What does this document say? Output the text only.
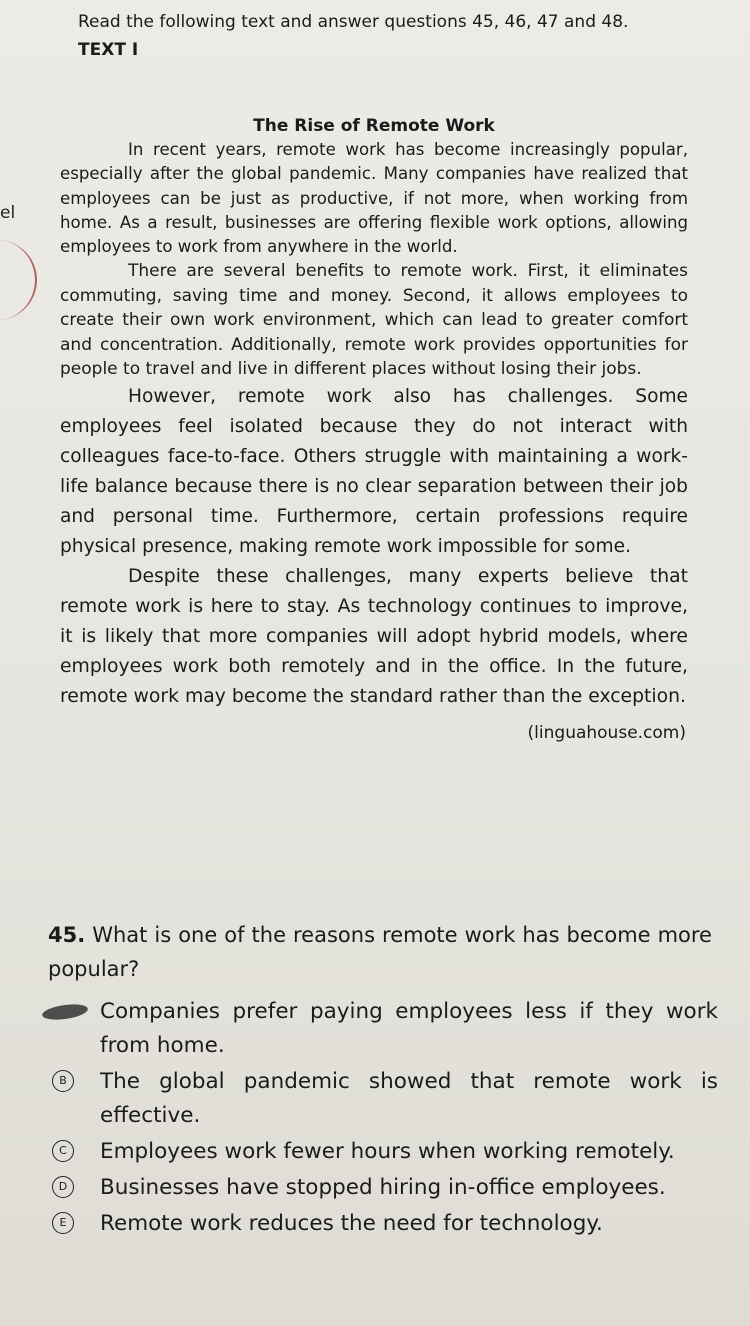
el

Read the following text and answer questions 45, 46, 47 and 48.

TEXT I

The Rise of Remote Work

In recent years, remote work has become increasingly popular, especially after the global pandemic. Many companies have realized that employees can be just as productive, if not more, when working from home. As a result, businesses are offering flexible work options, allowing employees to work from anywhere in the world.

There are several benefits to remote work. First, it eliminates commuting, saving time and money. Second, it allows employees to create their own work environment, which can lead to greater comfort and concentration. Additionally, remote work provides opportunities for people to travel and live in different places without losing their jobs.

However, remote work also has challenges. Some employees feel isolated because they do not interact with colleagues face-to-face. Others struggle with maintaining a work-life balance because there is no clear separation between their job and personal time. Furthermore, certain professions require physical presence, making remote work impossible for some.

Despite these challenges, many experts believe that remote work is here to stay. As technology continues to improve, it is likely that more companies will adopt hybrid models, where employees work both remotely and in the office. In the future, remote work may become the standard rather than the exception.

(linguahouse.com)

45. What is one of the reasons remote work has become more popular?

Companies prefer paying employees less if they work from home.
B	The global pandemic showed that remote work is effective.
C	Employees work fewer hours when working remotely.
D	Businesses have stopped hiring in-office employees.
E	Remote work reduces the need for technology.
